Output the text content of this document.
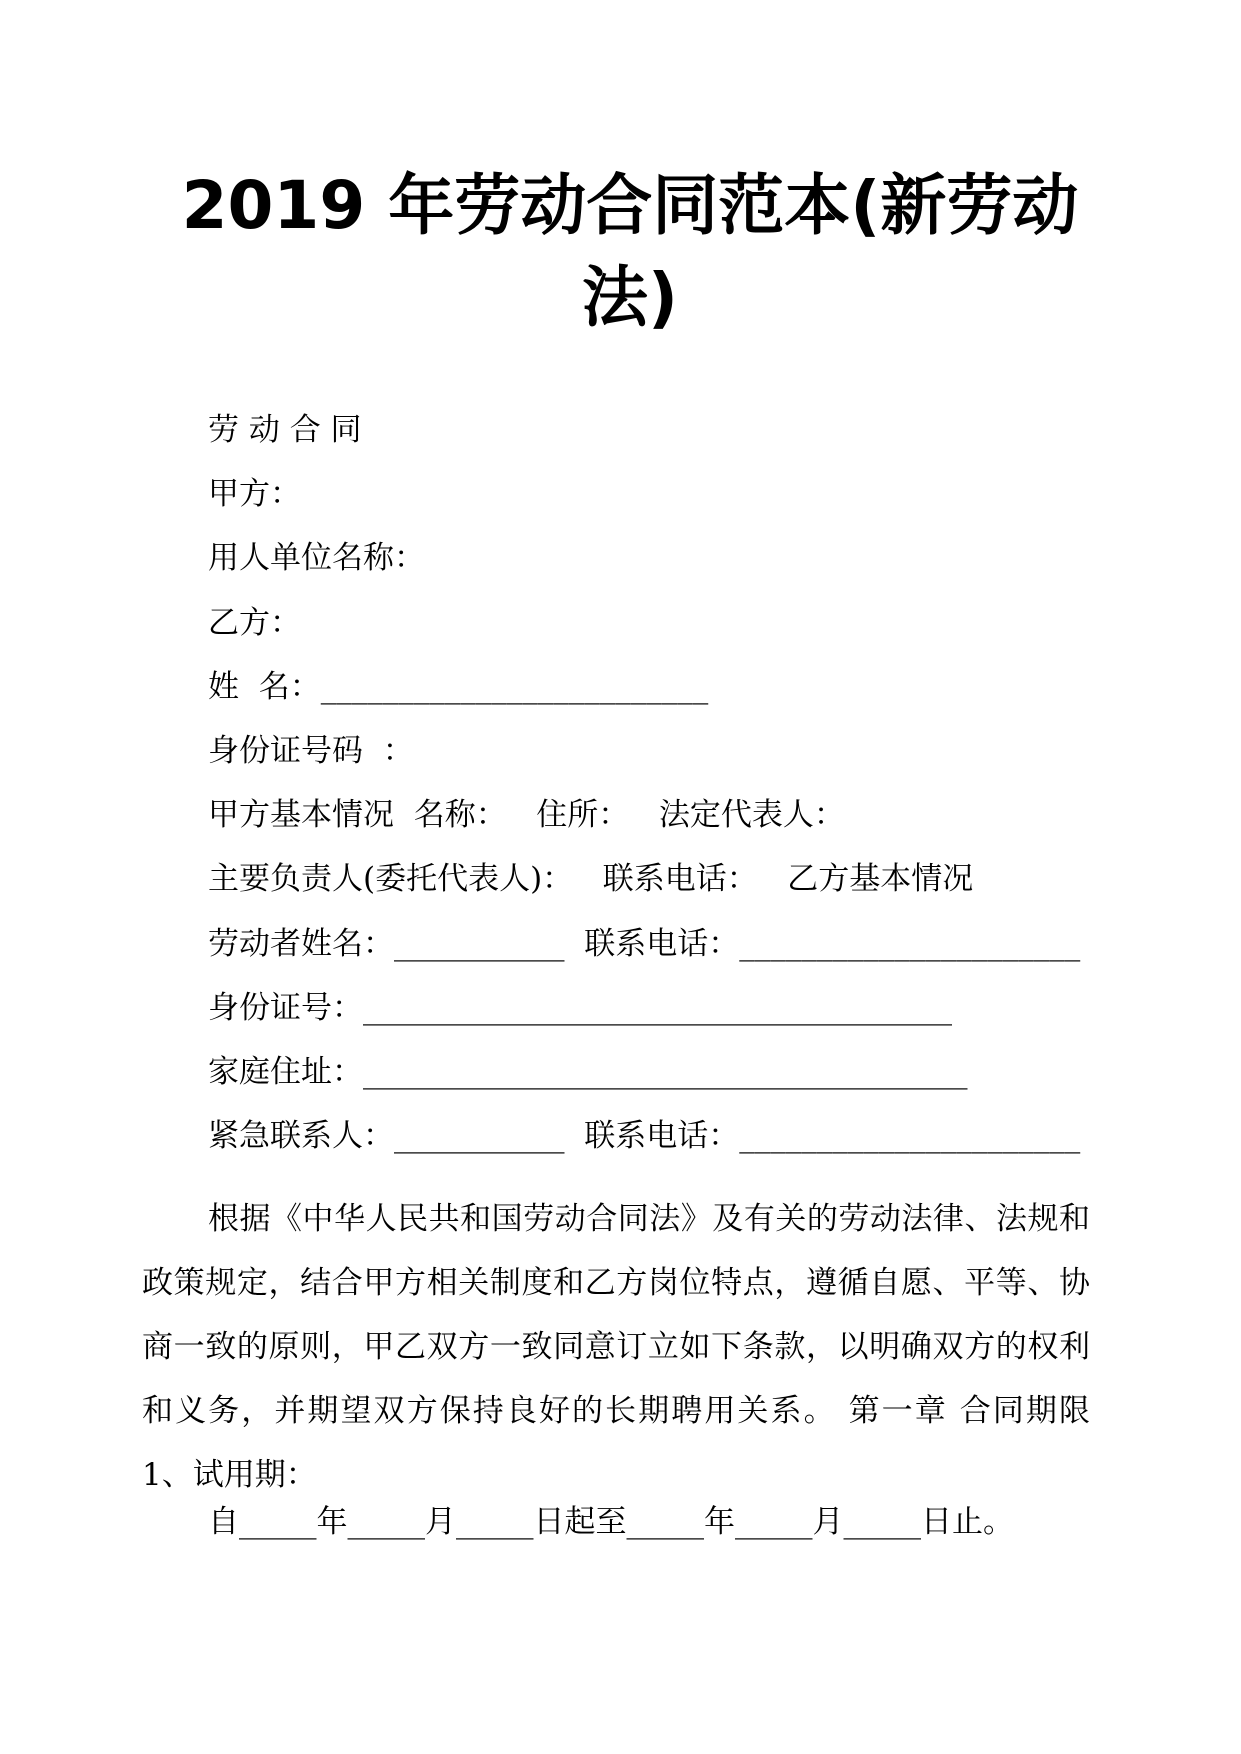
2019 年劳动合同范本(新劳动
法)
劳 动 合 同
甲方：
用人单位名称：
乙方：
姓  名：_________________________
身份证号码  ：
甲方基本情况  名称：   住所：   法定代表人：
主要负责人(委托代表人)：   联系电话：   乙方基本情况
劳动者姓名：___________  联系电话：______________________
身份证号：______________________________________
家庭住址：_______________________________________
紧急联系人：___________  联系电话：______________________

根据《中华人民共和国劳动合同法》及有关的劳动法律、法规和政策规定，结合甲方相关制度和乙方岗位特点，遵循自愿、平等、协商一致的原则，甲乙双方一致同意订立如下条款，以明确双方的权利和义务，并期望双方保持良好的长期聘用关系。 第一章 合同期限 1、试用期：

自_____年_____月_____日起至_____年_____月_____日止。
